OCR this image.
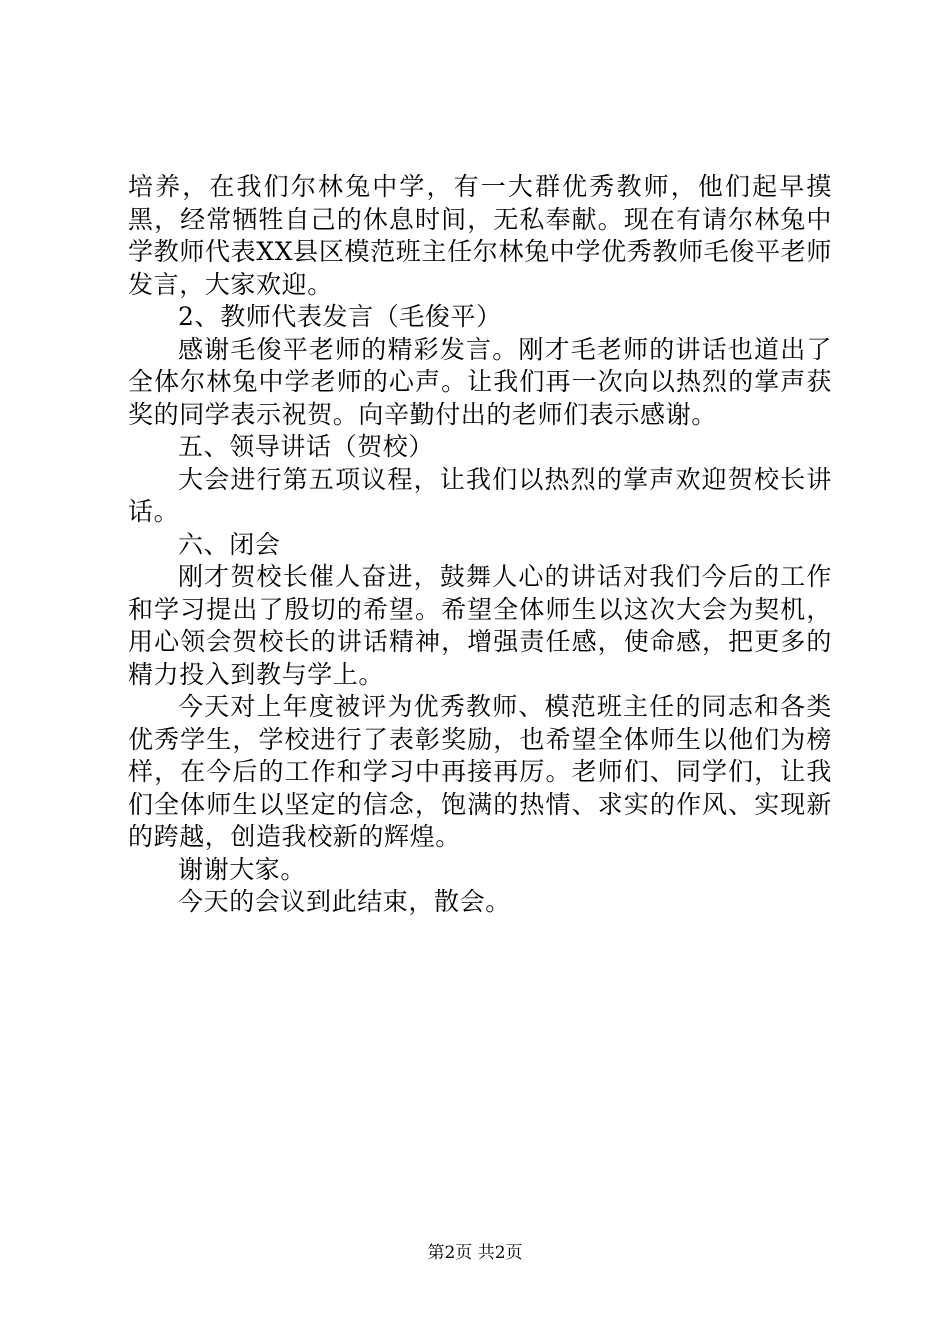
培养，在我们尔林兔中学，有一大群优秀教师，他们起早摸黑，经常牺牲自己的休息时间，无私奉献。现在有请尔林兔中学教师代表XX县区模范班主任尔林兔中学优秀教师毛俊平老师发言，大家欢迎。

2、教师代表发言（毛俊平）

感谢毛俊平老师的精彩发言。刚才毛老师的讲话也道出了全体尔林兔中学老师的心声。让我们再一次向以热烈的掌声获奖的同学表示祝贺。向辛勤付出的老师们表示感谢。

五、领导讲话（贺校）

大会进行第五项议程，让我们以热烈的掌声欢迎贺校长讲话。

六、闭会

刚才贺校长催人奋进，鼓舞人心的讲话对我们今后的工作和学习提出了殷切的希望。希望全体师生以这次大会为契机，用心领会贺校长的讲话精神，增强责任感，使命感，把更多的精力投入到教与学上。

今天对上年度被评为优秀教师、模范班主任的同志和各类优秀学生，学校进行了表彰奖励，也希望全体师生以他们为榜样，在今后的工作和学习中再接再厉。老师们、同学们，让我们全体师生以坚定的信念，饱满的热情、求实的作风、实现新的跨越，创造我校新的辉煌。

谢谢大家。

今天的会议到此结束，散会。

第2页 共2页
